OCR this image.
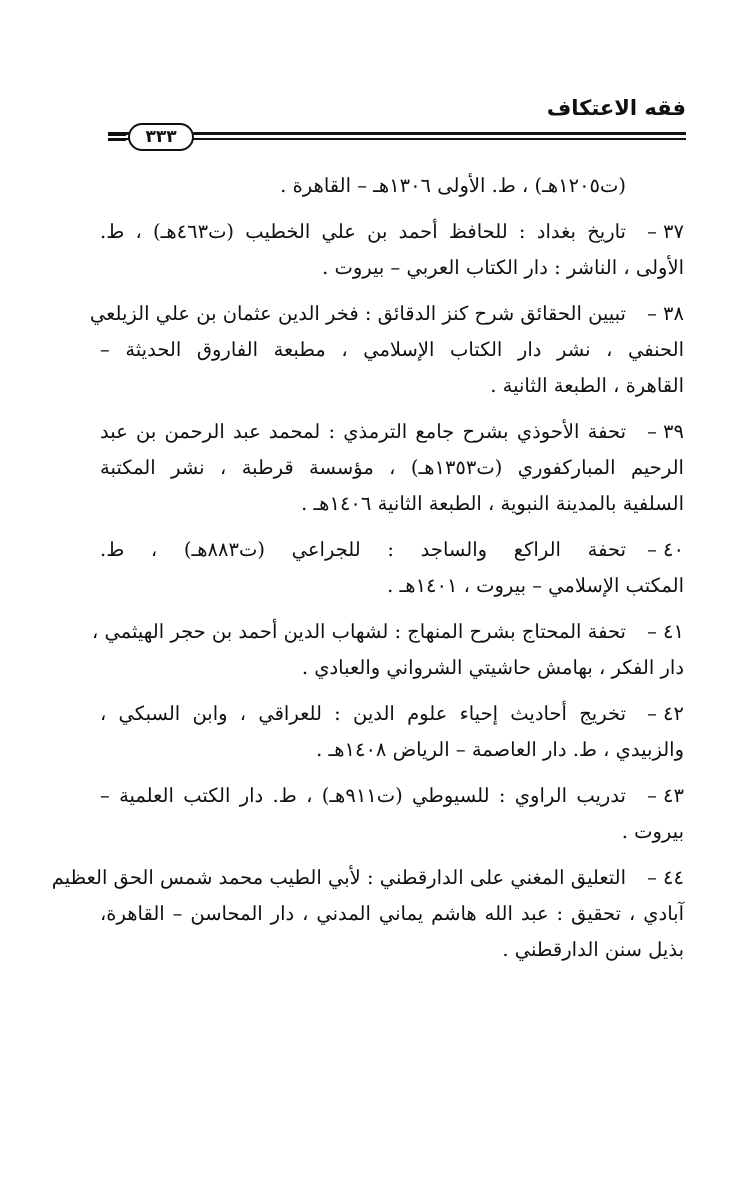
فقه الاعتكاف
٣٣٣
(ت١٢٠٥هـ) ، ط. الأولى ١٣٠٦هـ – القاهرة .
٣٧ –
تاريخ بغداد : للحافظ أحمد بن علي الخطيب (ت٤٦٣هـ) ، ط.
الأولى ، الناشر : دار الكتاب العربي – بيروت .
٣٨ –
تبيين الحقائق شرح كنز الدقائق : فخر الدين عثمان بن علي الزيلعي
الحنفي ، نشر دار الكتاب الإسلامي ، مطبعة الفاروق الحديثة –
القاهرة ، الطبعة الثانية .
٣٩ –
تحفة الأحوذي بشرح جامع الترمذي : لمحمد عبد الرحمن بن عبد
الرحيم المباركفوري (ت١٣٥٣هـ) ، مؤسسة قرطبة ، نشر المكتبة
السلفية بالمدينة النبوية ، الطبعة الثانية ١٤٠٦هـ .
٤٠ –
تحفة الراكع والساجد : للجراعي (ت٨٨٣هـ) ، ط.
المكتب الإسلامي – بيروت ، ١٤٠١هـ .
٤١ –
تحفة المحتاج بشرح المنهاج : لشهاب الدين أحمد بن حجر الهيثمي ،
دار الفكر ، بهامش حاشيتي الشرواني والعبادي .
٤٢ –
تخريج أحاديث إحياء علوم الدين : للعراقي ، وابن السبكي ،
والزبيدي ، ط. دار العاصمة – الرياض ١٤٠٨هـ .
٤٣ –
تدريب الراوي : للسيوطي (ت٩١١هـ) ، ط. دار الكتب العلمية –
بيروت .
٤٤ –
التعليق المغني على الدارقطني : لأبي الطيب محمد شمس الحق العظيم
آبادي ، تحقيق : عبد الله هاشم يماني المدني ، دار المحاسن – القاهرة،
بذيل سنن الدارقطني .
